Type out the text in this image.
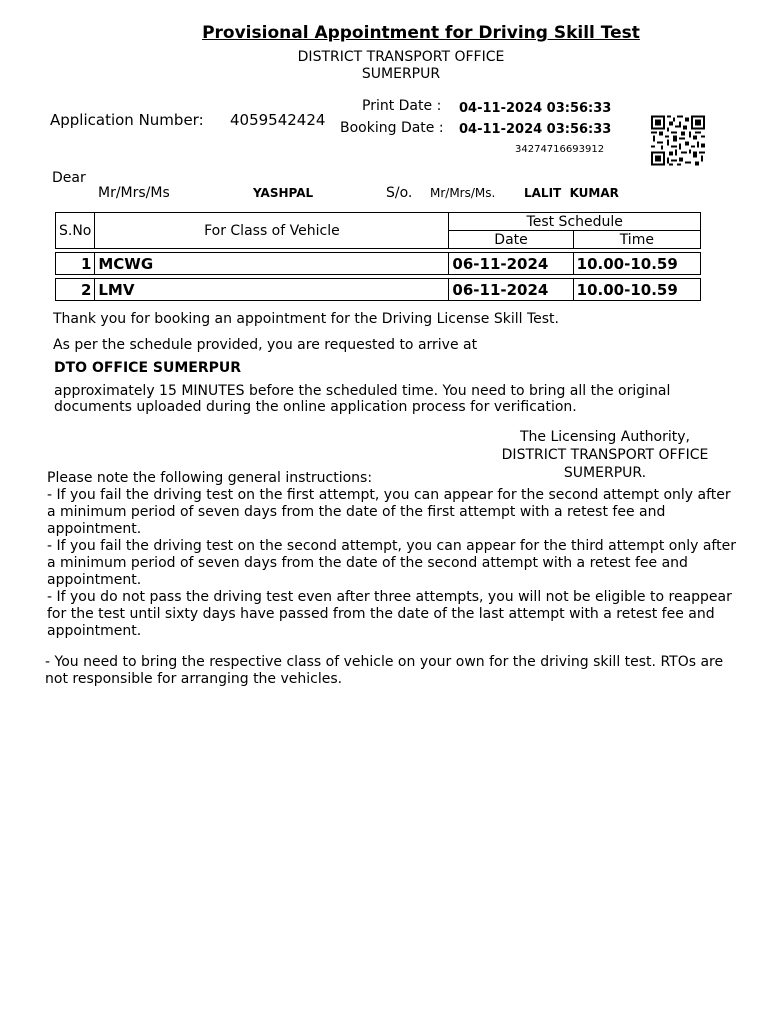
Provisional Appointment for Driving Skill Test
DISTRICT TRANSPORT OFFICE
SUMERPUR
Application Number: 4059542424
Print Date : 04-11-2024 03:56:33
Booking Date : 04-11-2024 03:56:33
34274716693912
Dear
Mr/Mrs/Ms	YASHPAL	S/o. Mr/Mrs/Ms. LALIT  KUMAR
S.No	For Class of Vehicle	Test Schedule	
		Date	Time

1	MCWG	06-11-2024	10.00-10.59

2	LMV	06-11-2024	10.00-10.59
Thank you for booking an appointment for the Driving License Skill Test.
As per the schedule provided, you are requested to arrive at
DTO OFFICE SUMERPUR
approximately 15 MINUTES before the scheduled time. You need to bring all the original documents uploaded during the online application process for verification.
The Licensing Authority,
DISTRICT TRANSPORT OFFICE
SUMERPUR.
Please note the following general instructions:
- If you fail the driving test on the first attempt, you can appear for the second attempt only after a minimum period of seven days from the date of the first attempt with a retest fee and appointment.
- If you fail the driving test on the second attempt, you can appear for the third attempt only after a minimum period of seven days from the date of the second attempt with a retest fee and appointment.
- If you do not pass the driving test even after three attempts, you will not be eligible to reappear for the test until sixty days have passed from the date of the last attempt with a retest fee and appointment.
- You need to bring the respective class of vehicle on your own for the driving skill test. RTOs are not responsible for arranging the vehicles.
